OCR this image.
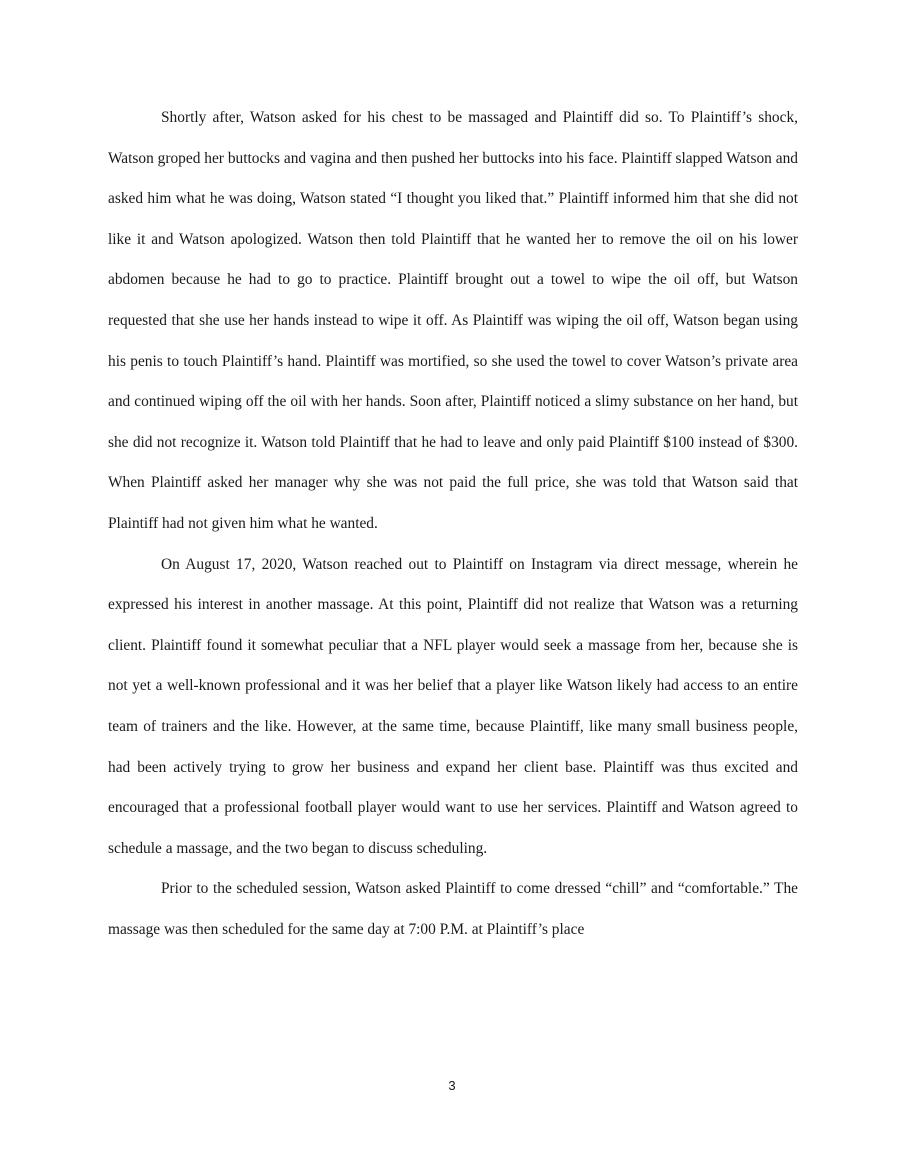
Shortly after, Watson asked for his chest to be massaged and Plaintiff did so. To Plaintiff’s shock, Watson groped her buttocks and vagina and then pushed her buttocks into his face. Plaintiff slapped Watson and asked him what he was doing, Watson stated “I thought you liked that.” Plaintiff informed him that she did not like it and Watson apologized. Watson then told Plaintiff that he wanted her to remove the oil on his lower abdomen because he had to go to practice. Plaintiff brought out a towel to wipe the oil off, but Watson requested that she use her hands instead to wipe it off. As Plaintiff was wiping the oil off, Watson began using his penis to touch Plaintiff’s hand. Plaintiff was mortified, so she used the towel to cover Watson’s private area and continued wiping off the oil with her hands. Soon after, Plaintiff noticed a slimy substance on her hand, but she did not recognize it. Watson told Plaintiff that he had to leave and only paid Plaintiff $100 instead of $300. When Plaintiff asked her manager why she was not paid the full price, she was told that Watson said that Plaintiff had not given him what he wanted.

On August 17, 2020, Watson reached out to Plaintiff on Instagram via direct message, wherein he expressed his interest in another massage. At this point, Plaintiff did not realize that Watson was a returning client. Plaintiff found it somewhat peculiar that a NFL player would seek a massage from her, because she is not yet a well-known professional and it was her belief that a player like Watson likely had access to an entire team of trainers and the like. However, at the same time, because Plaintiff, like many small business people, had been actively trying to grow her business and expand her client base. Plaintiff was thus excited and encouraged that a professional football player would want to use her services. Plaintiff and Watson agreed to schedule a massage, and the two began to discuss scheduling.

Prior to the scheduled session, Watson asked Plaintiff to come dressed “chill” and “comfortable.” The massage was then scheduled for the same day at 7:00 P.M. at Plaintiff’s place

3
